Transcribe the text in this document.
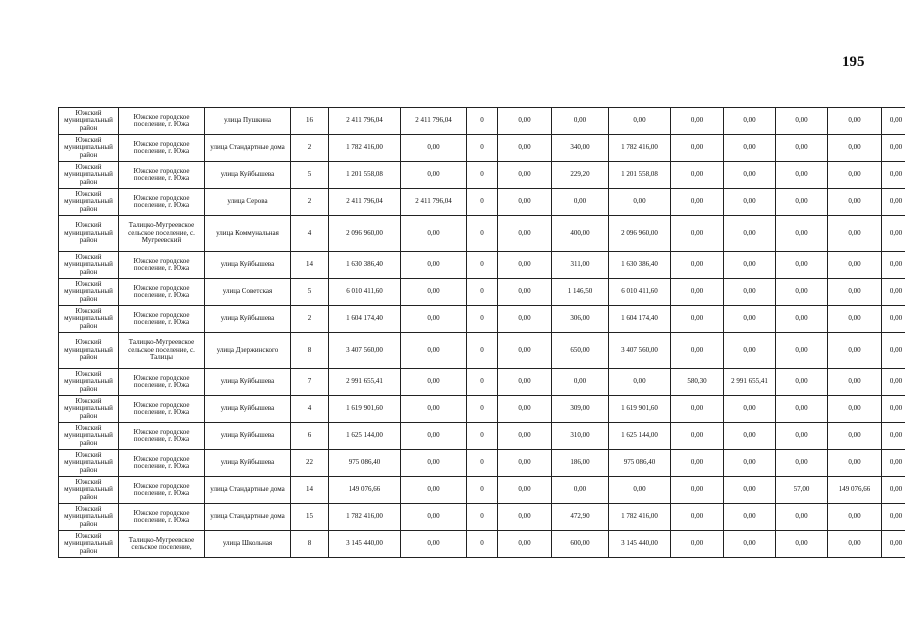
195
Южский муниципальный район	Южское городское поселение, г. Южа	улица Пушкина	16	2 411 796,04	2 411 796,04	0	0,00	0,00	0,00	0,00	0,00	0,00	0,00	0,00
Южский муниципальный район	Южское городское поселение, г. Южа	улица Стандартные дома	2	1 782 416,00	0,00	0	0,00	340,00	1 782 416,00	0,00	0,00	0,00	0,00	0,00
Южский муниципальный район	Южское городское поселение, г. Южа	улица Куйбышева	5	1 201 558,08	0,00	0	0,00	229,20	1 201 558,08	0,00	0,00	0,00	0,00	0,00
Южский муниципальный район	Южское городское поселение, г. Южа	улица Серова	2	2 411 796,04	2 411 796,04	0	0,00	0,00	0,00	0,00	0,00	0,00	0,00	0,00
Южский муниципальный район	Талицко-Мугреевское сельское поселение, с. Мугреевский	улица Коммунальная	4	2 096 960,00	0,00	0	0,00	400,00	2 096 960,00	0,00	0,00	0,00	0,00	0,00
Южский муниципальный район	Южское городское поселение, г. Южа	улица Куйбышева	14	1 630 386,40	0,00	0	0,00	311,00	1 630 386,40	0,00	0,00	0,00	0,00	0,00
Южский муниципальный район	Южское городское поселение, г. Южа	улица Советская	5	6 010 411,60	0,00	0	0,00	1 146,50	6 010 411,60	0,00	0,00	0,00	0,00	0,00
Южский муниципальный район	Южское городское поселение, г. Южа	улица Куйбышева	2	1 604 174,40	0,00	0	0,00	306,00	1 604 174,40	0,00	0,00	0,00	0,00	0,00
Южский муниципальный район	Талицко-Мугреевское сельское поселение, с. Талицы	улица Дзержинского	8	3 407 560,00	0,00	0	0,00	650,00	3 407 560,00	0,00	0,00	0,00	0,00	0,00
Южский муниципальный район	Южское городское поселение, г. Южа	улица Куйбышева	7	2 991 655,41	0,00	0	0,00	0,00	0,00	580,30	2 991 655,41	0,00	0,00	0,00
Южский муниципальный район	Южское городское поселение, г. Южа	улица Куйбышева	4	1 619 901,60	0,00	0	0,00	309,00	1 619 901,60	0,00	0,00	0,00	0,00	0,00
Южский муниципальный район	Южское городское поселение, г. Южа	улица Куйбышева	6	1 625 144,00	0,00	0	0,00	310,00	1 625 144,00	0,00	0,00	0,00	0,00	0,00
Южский муниципальный район	Южское городское поселение, г. Южа	улица Куйбышева	22	975 086,40	0,00	0	0,00	186,00	975 086,40	0,00	0,00	0,00	0,00	0,00
Южский муниципальный район	Южское городское поселение, г. Южа	улица Стандартные дома	14	149 076,66	0,00	0	0,00	0,00	0,00	0,00	0,00	57,00	149 076,66	0,00
Южский муниципальный район	Южское городское поселение, г. Южа	улица Стандартные дома	15	1 782 416,00	0,00	0	0,00	472,90	1 782 416,00	0,00	0,00	0,00	0,00	0,00
Южский муниципальный район	Талицко-Мугреевское сельское поселение,	улица Школьная	8	3 145 440,00	0,00	0	0,00	600,00	3 145 440,00	0,00	0,00	0,00	0,00	0,00
